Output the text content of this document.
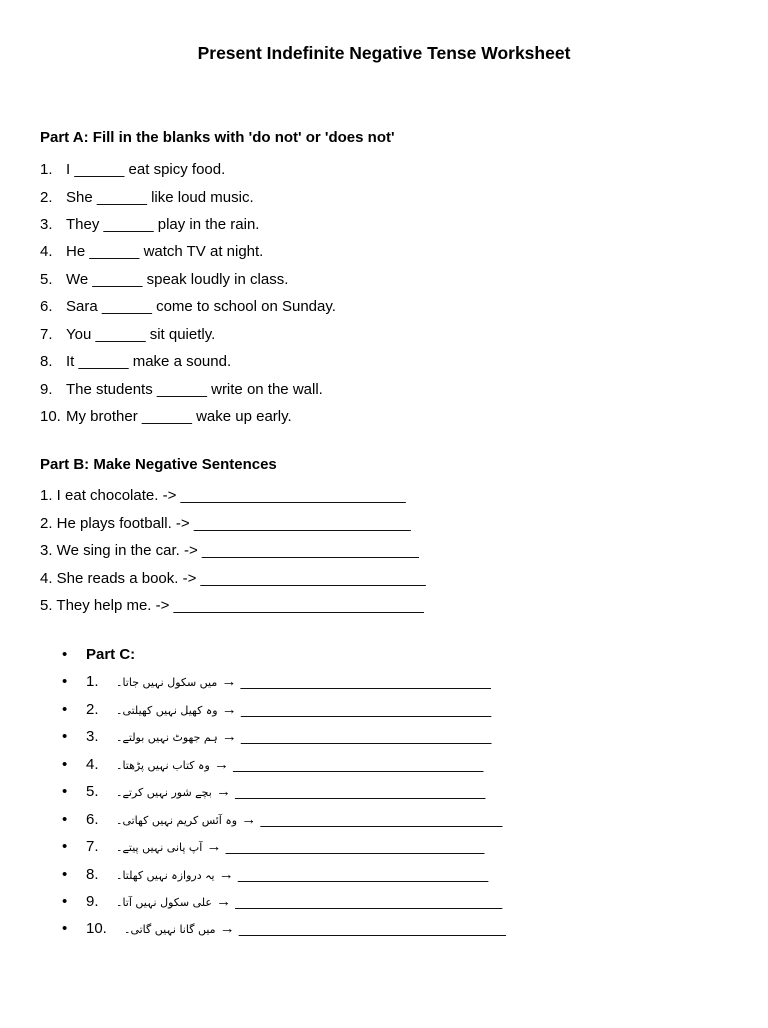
Present Indefinite Negative Tense Worksheet
Part A: Fill in the blanks with 'do not' or 'does not'
1. I ______ eat spicy food.
2. She ______ like loud music.
3. They ______ play in the rain.
4. He ______ watch TV at night.
5. We ______ speak loudly in class.
6. Sara ______ come to school on Sunday.
7. You ______ sit quietly.
8. It ______ make a sound.
9. The students ______ write on the wall.
10. My brother ______ wake up early.
Part B: Make Negative Sentences
1. I eat chocolate. -> ___________________________
2. He plays football. -> __________________________
3. We sing in the car. -> __________________________
4. She reads a book. -> ___________________________
5. They help me. -> ______________________________

•

Part C:

•

1.

میں سکول نہیں جاتا۔ → ______________________________

•

2.

وہ کھیل نہیں کھیلتی۔ → ______________________________

•

3.

ہم جھوٹ نہیں بولتے۔ → ______________________________

•

4.

وہ کتاب نہیں پڑھتا۔ → ______________________________

•

5.

بچے شور نہیں کرتے۔ → ______________________________

•

6.

وہ آئس کریم نہیں کھاتی۔ → _____________________________

•

7.

آپ پانی نہیں پیتے۔ → _______________________________

•

8.

یہ دروازہ نہیں کھلتا۔ → ______________________________

•

9.

علی سکول نہیں آتا۔ → ________________________________

•

10.

میں گانا نہیں گاتی۔ → ________________________________
